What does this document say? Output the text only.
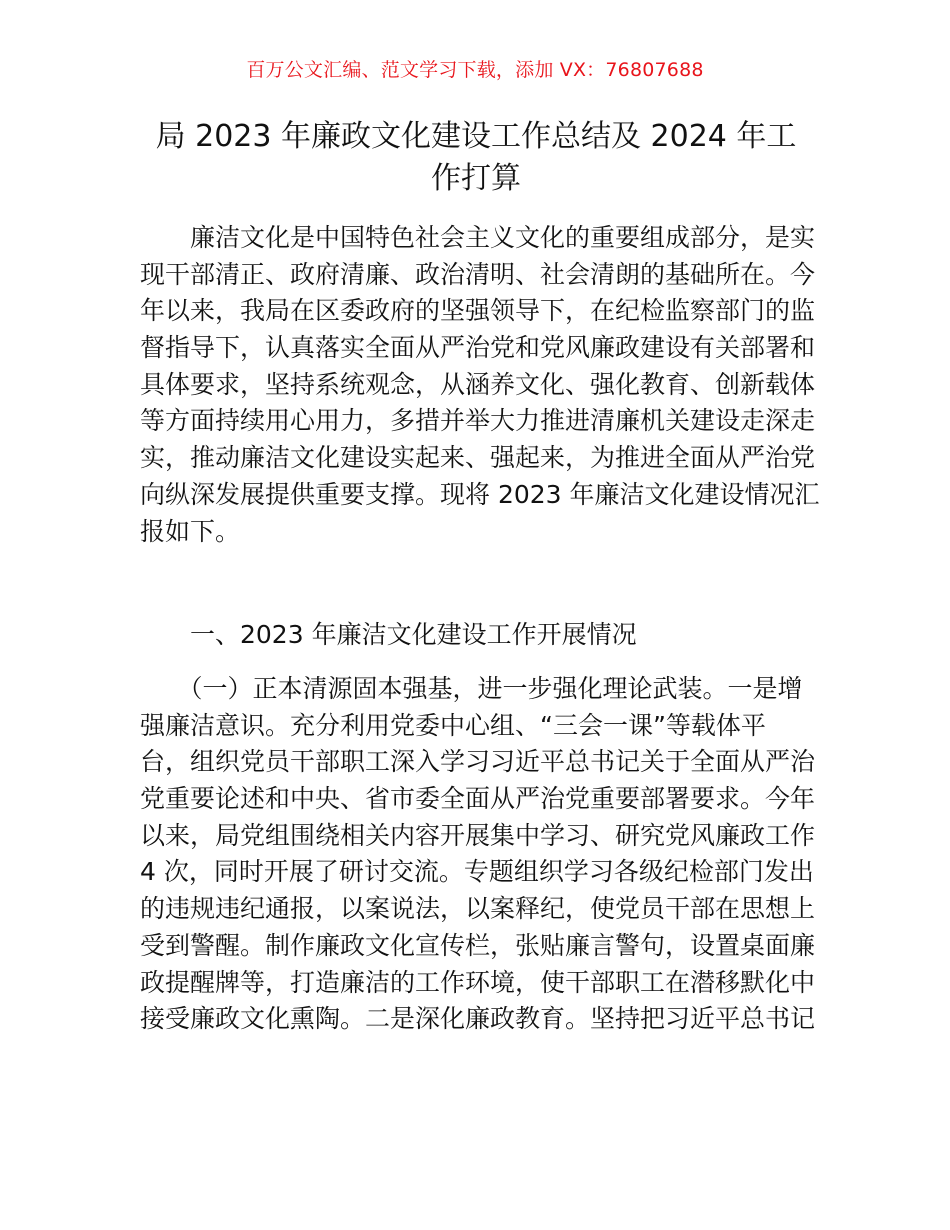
百万公文汇编、范文学习下载，添加 VX：76807688
局 2023 年廉政文化建设工作总结及 2024 年工
作打算
　　廉洁文化是中国特色社会主义文化的重要组成部分，是实
现干部清正、政府清廉、政治清明、社会清朗的基础所在。今
年以来，我局在区委政府的坚强领导下，在纪检监察部门的监
督指导下，认真落实全面从严治党和党风廉政建设有关部署和
具体要求，坚持系统观念，从涵养文化、强化教育、创新载体
等方面持续用心用力，多措并举大力推进清廉机关建设走深走
实，推动廉洁文化建设实起来、强起来，为推进全面从严治党
向纵深发展提供重要支撑。现将 2023 年廉洁文化建设情况汇
报如下。
　　一、2023 年廉洁文化建设工作开展情况
　　（一）正本清源固本强基，进一步强化理论武装。一是增
强廉洁意识。充分利用党委中心组、“三会一课”等载体平
台，组织党员干部职工深入学习习近平总书记关于全面从严治
党重要论述和中央、省市委全面从严治党重要部署要求。今年
以来，局党组围绕相关内容开展集中学习、研究党风廉政工作
4 次，同时开展了研讨交流。专题组织学习各级纪检部门发出
的违规违纪通报，以案说法，以案释纪，使党员干部在思想上
受到警醒。制作廉政文化宣传栏，张贴廉言警句，设置桌面廉
政提醒牌等，打造廉洁的工作环境，使干部职工在潜移默化中
接受廉政文化熏陶。二是深化廉政教育。坚持把习近平总书记
